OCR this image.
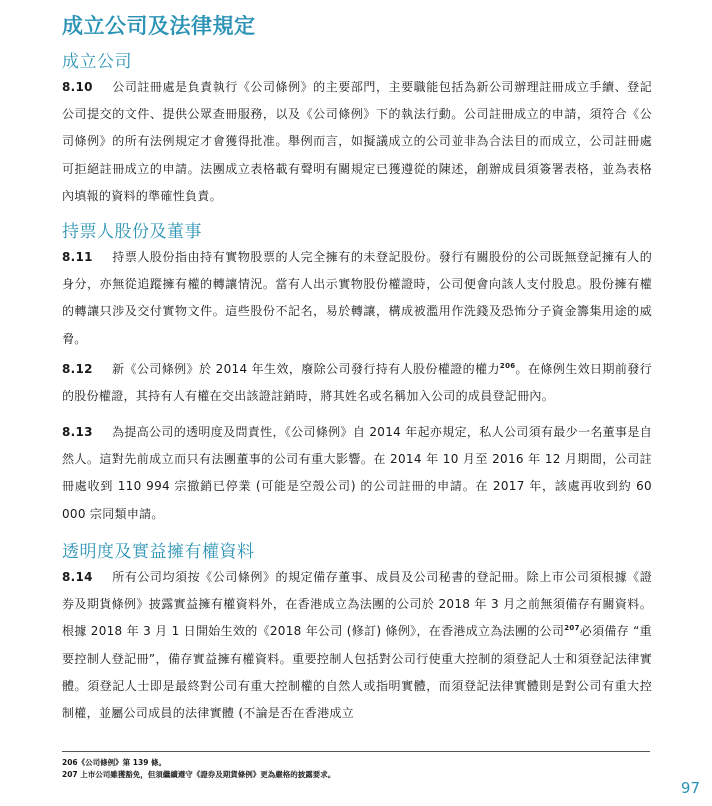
成立公司及法律規定
成立公司
8.10 公司註冊處是負責執行《公司條例》的主要部門，主要職能包括為新公司辦理註冊成立手續、登記公司提交的文件、提供公眾查冊服務，以及《公司條例》下的執法行動。公司註冊成立的申請，須符合《公司條例》的所有法例規定才會獲得批准。舉例而言，如擬議成立的公司並非為合法目的而成立，公司註冊處可拒絕註冊成立的申請。法團成立表格載有聲明有關規定已獲遵從的陳述，創辦成員須簽署表格，並為表格內填報的資料的準確性負責。
持票人股份及董事
8.11 持票人股份指由持有實物股票的人完全擁有的未登記股份。發行有關股份的公司既無登記擁有人的身分，亦無從追蹤擁有權的轉讓情況。當有人出示實物股份權證時，公司便會向該人支付股息。股份擁有權的轉讓只涉及交付實物文件。這些股份不記名，易於轉讓，構成被濫用作洗錢及恐怖分子資金籌集用途的威脅。
8.12 新《公司條例》於 2014 年生效，廢除公司發行持有人股份權證的權力$^{206}$。在條例生效日期前發行的股份權證，其持有人有權在交出該證註銷時，將其姓名或名稱加入公司的成員登記冊內。
8.13 為提高公司的透明度及問責性，《公司條例》自 2014 年起亦規定，私人公司須有最少一名董事是自然人。這對先前成立而只有法團董事的公司有重大影響。在 2014 年 10 月至 2016 年 12 月期間，公司註冊處收到 110 994 宗撤銷已停業 (可能是空殼公司) 的公司註冊的申請。在 2017 年，該處再收到約 60 000 宗同類申請。
透明度及實益擁有權資料
8.14 所有公司均須按《公司條例》的規定備存董事、成員及公司秘書的登記冊。除上市公司須根據《證券及期貨條例》披露實益擁有權資料外，在香港成立為法團的公司於 2018 年 3 月之前無須備存有關資料。根據 2018 年 3 月 1 日開始生效的《2018 年公司 (修訂) 條例》，在香港成立為法團的公司$^{207}$必須備存 “重要控制人登記冊”，備存實益擁有權資料。重要控制人包括對公司行使重大控制的須登記人士和須登記法律實體。須登記人士即是最終對公司有重大控制權的自然人或指明實體，而須登記法律實體則是對公司有重大控制權，並屬公司成員的法律實體 (不論是否在香港成立
206《公司條例》第 139 條。
207 上市公司雖獲豁免，但須繼續遵守《證券及期貨條例》更為嚴格的披露要求。
97
